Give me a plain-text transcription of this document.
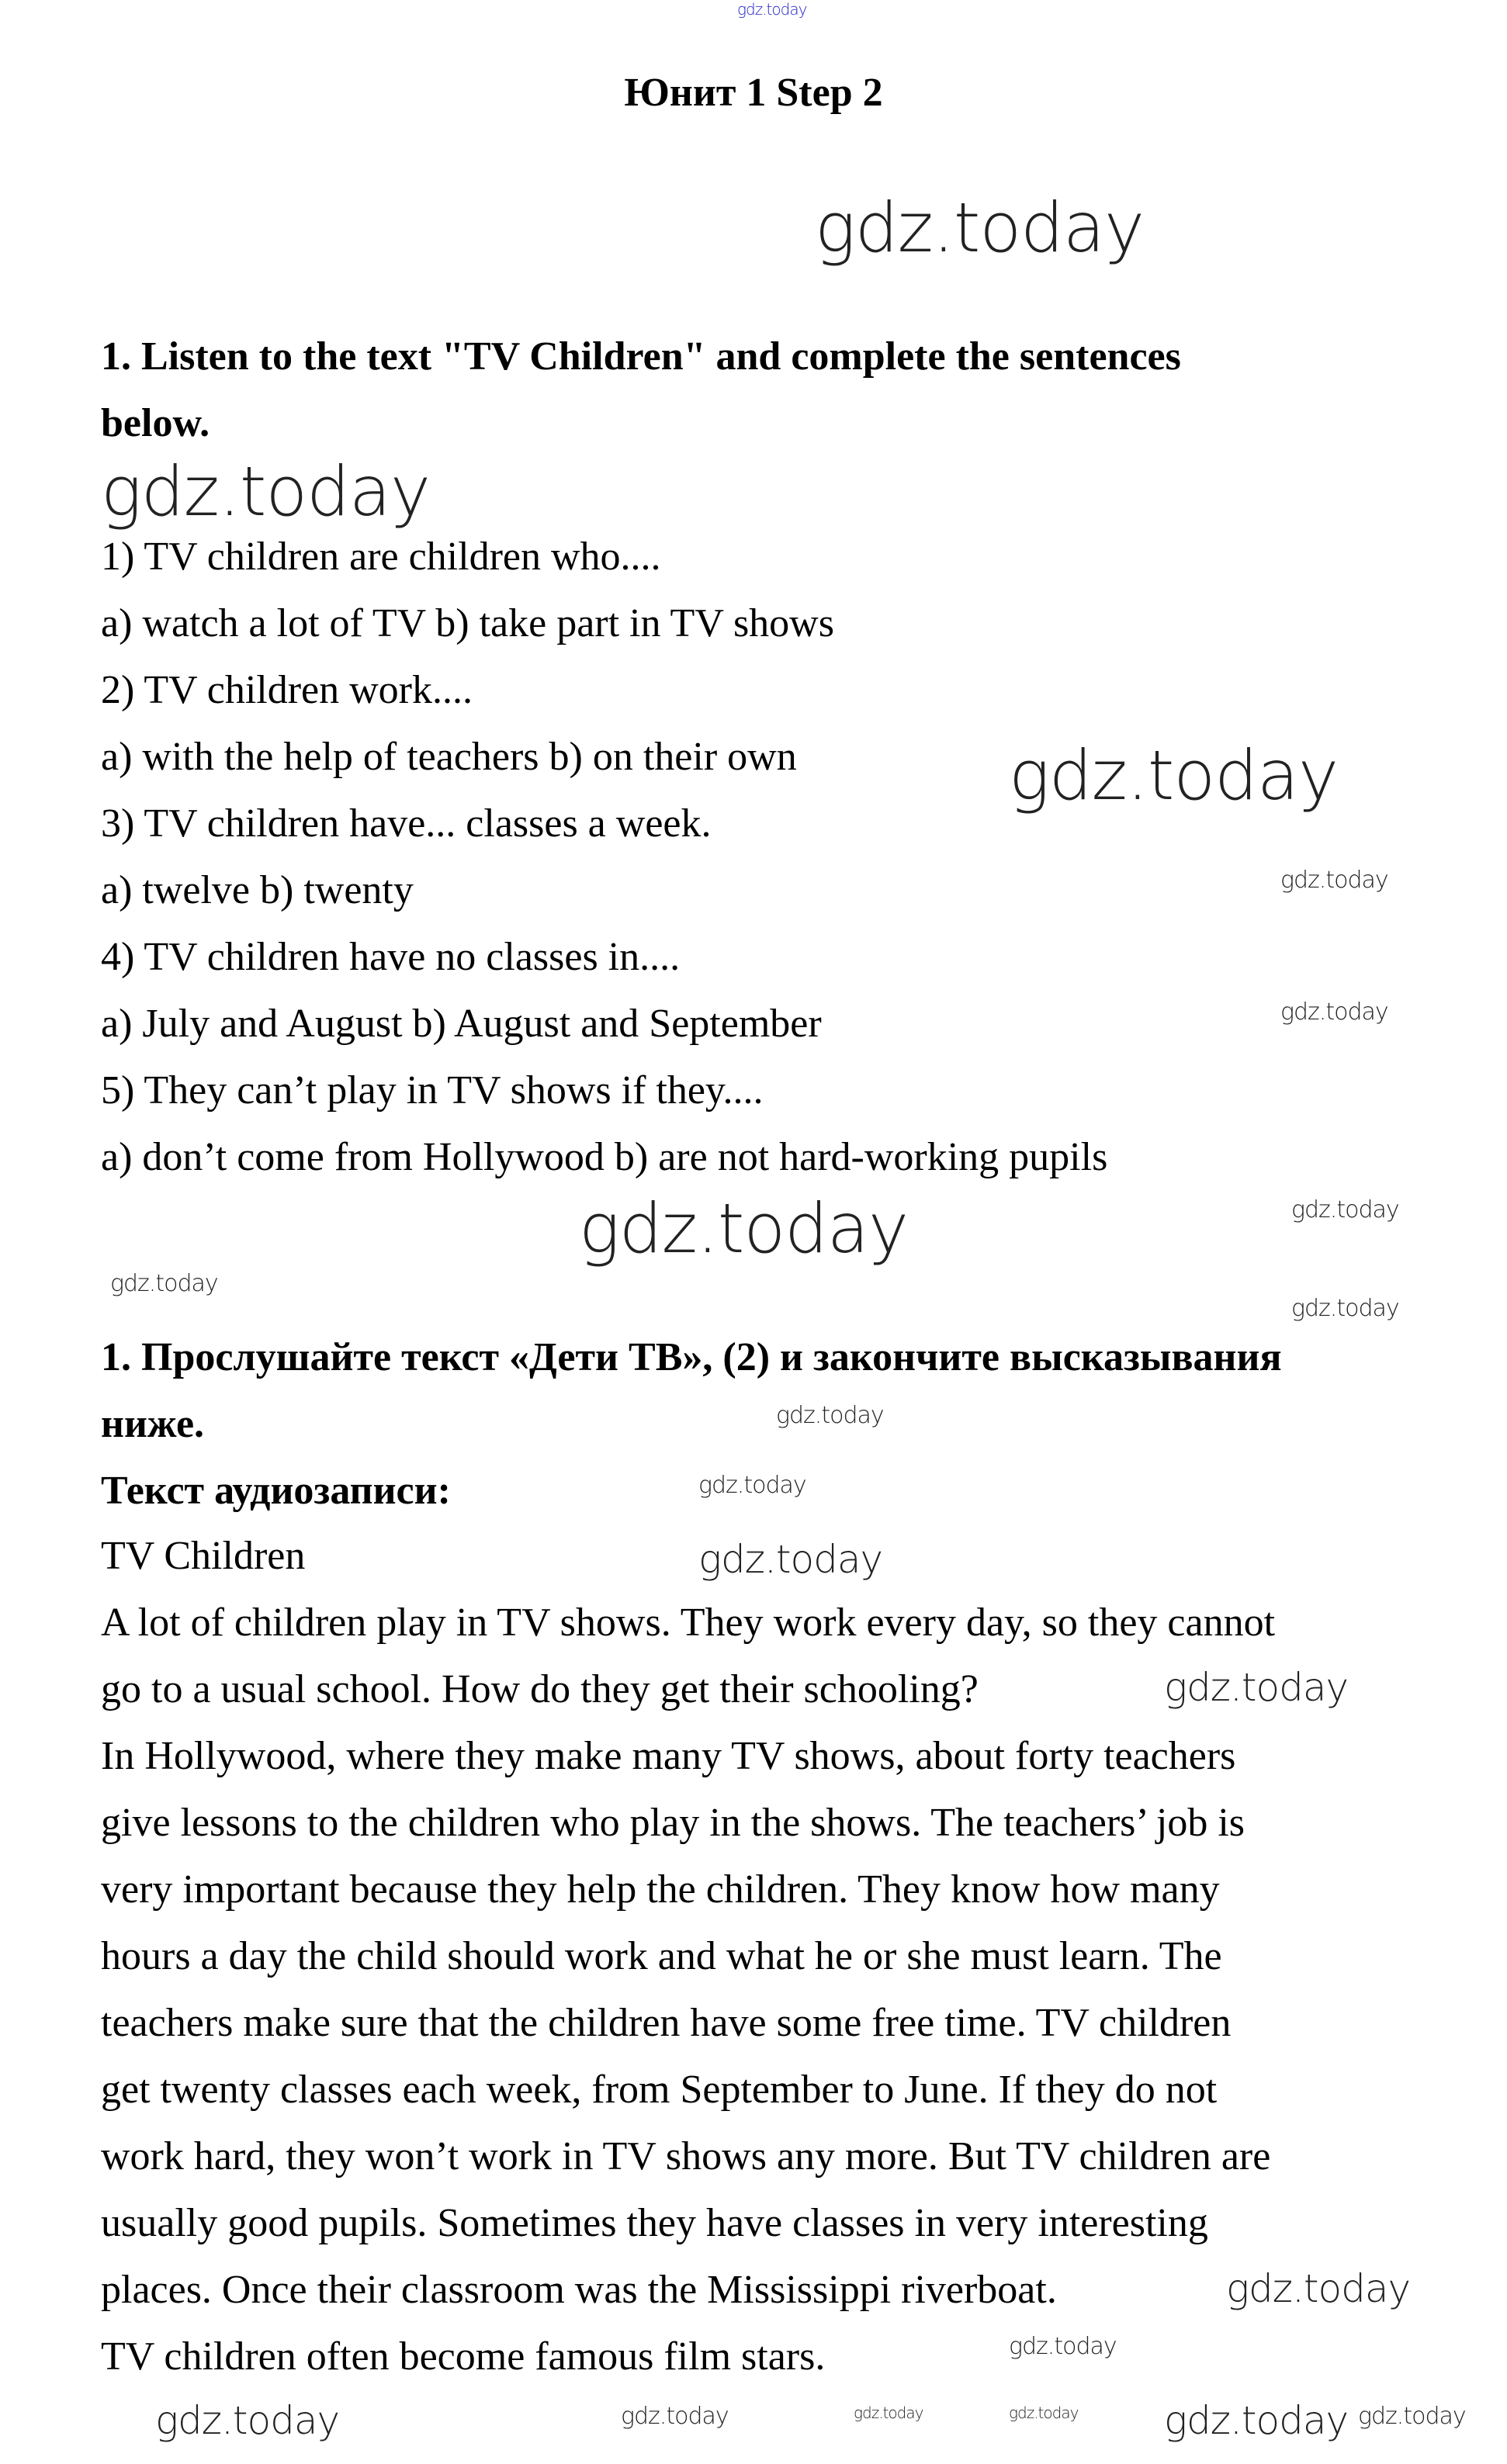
Юнит 1 Step 2
1. Listen to the text "TV Children" and complete the sentences
below.
1) TV children are children who....
a) watch a lot of TV b) take part in TV shows
2) TV children work....
a) with the help of teachers b) on their own
3) TV children have... classes a week.
a) twelve b) twenty
4) TV children have no classes in....
a) July and August b) August and September
5) They can’t play in TV shows if they....
a) don’t come from Hollywood b) are not hard-working pupils
1. Прослушайте текст «Дети ТВ», (2) и закончите высказывания
ниже.
Текст аудиозаписи:
TV Children
A lot of children play in TV shows. They work every day, so they cannot
go to a usual school. How do they get their schooling?
In Hollywood, where they make many TV shows, about forty teachers
give lessons to the children who play in the shows. The teachers’ job is
very important because they help the children. They know how many
hours a day the child should work and what he or she must learn. The
teachers make sure that the children have some free time. TV children
get twenty classes each week, from September to June. If they do not
work hard, they won’t work in TV shows any more. But TV children are
usually good pupils. Sometimes they have classes in very interesting
places. Once their classroom was the Mississippi riverboat.
TV children often become famous film stars.
gdz.today
gdz.today
gdz.today
gdz.today
gdz.today
gdz.today
gdz.today
gdz.today
gdz.today
gdz.today
gdz.today
gdz.today
gdz.today
gdz.today
gdz.today
gdz.today
gdz.today	gdz.today	gdz.today	gdz.today gdz.today gdz.today
